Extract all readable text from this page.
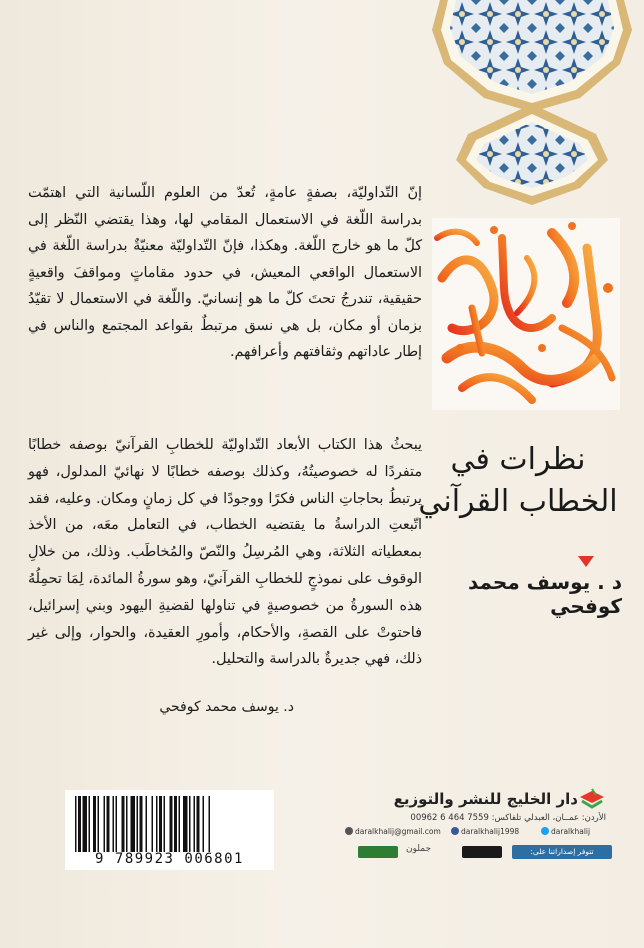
نظرات في
الخطاب القرآني
د . يوسف محمد كوفحي

إنّ التّداوليّة، بصفةٍ عامةٍ، تُعدّ من العلوم اللّسانية التي اهتمّت بدراسة اللّغة في الاستعمال المقامي لها، وهذا يقتضي النّظر إلى كلّ ما هو خارج اللّغة. وهكذا، فإنّ التّداوليّة معنيّةٌ بدراسة اللّغة في الاستعمال الواقعي المعيش، في حدود مقاماتٍ ومواقفَ واقعيةٍ حقيقية، تندرجُ تحتَ كلّ ما هو إنسانيّ. واللّغة في الاستعمال لا تقيّدُ بزمان أو مكان، بل هي نسق مرتبطٌ بقواعد المجتمع والناس في إطار عاداتهم وثقافتهم وأعرافهم.

يبحثُ هذا الكتاب الأبعاد التّداوليّة للخطابِ القرآنيّ بوصفه خطابًا متفردًا له خصوصيتُهُ، وكذلك بوصفه خطابًا لا نهائيّ المدلول، فهو يرتبطُ بحاجاتِ الناس فكرًا ووجودًا في كل زمانٍ ومكان. وعليه، فقد اتّبعتِ الدراسةُ ما يقتضيه الخطاب، في التعامل معَه، من الأخذ بمعطياته الثلاثة، وهي المُرسِلُ والنّصّ والمُخاطَب. وذلك، من خلالِ الوقوف على نموذجٍ للخطابِ القرآنيّ، وهو سورةُ المائدة، لِمَا تحمِلُهُ هذه السورةُ من خصوصيةٍ في تناولها لقضيةِ اليهود وبني إسرائيل، فاحتوتْ على القصةِ، والأحكام، وأمورِ العقيدة، والحوار، وإلى غير ذلك، فهي جديرةٌ بالدراسة والتحليل.

د. يوسف محمد كوفحي
9 789923 006801
دار الخليج للنشر والتوزيع
الأردن: عمــان، العبدلي تلفاكس: 7559 464 6 00962
daralkhalij@gmail.com	daralkhalij1998	daralkhalij
تتوفر إصداراتنا على:
جملون
